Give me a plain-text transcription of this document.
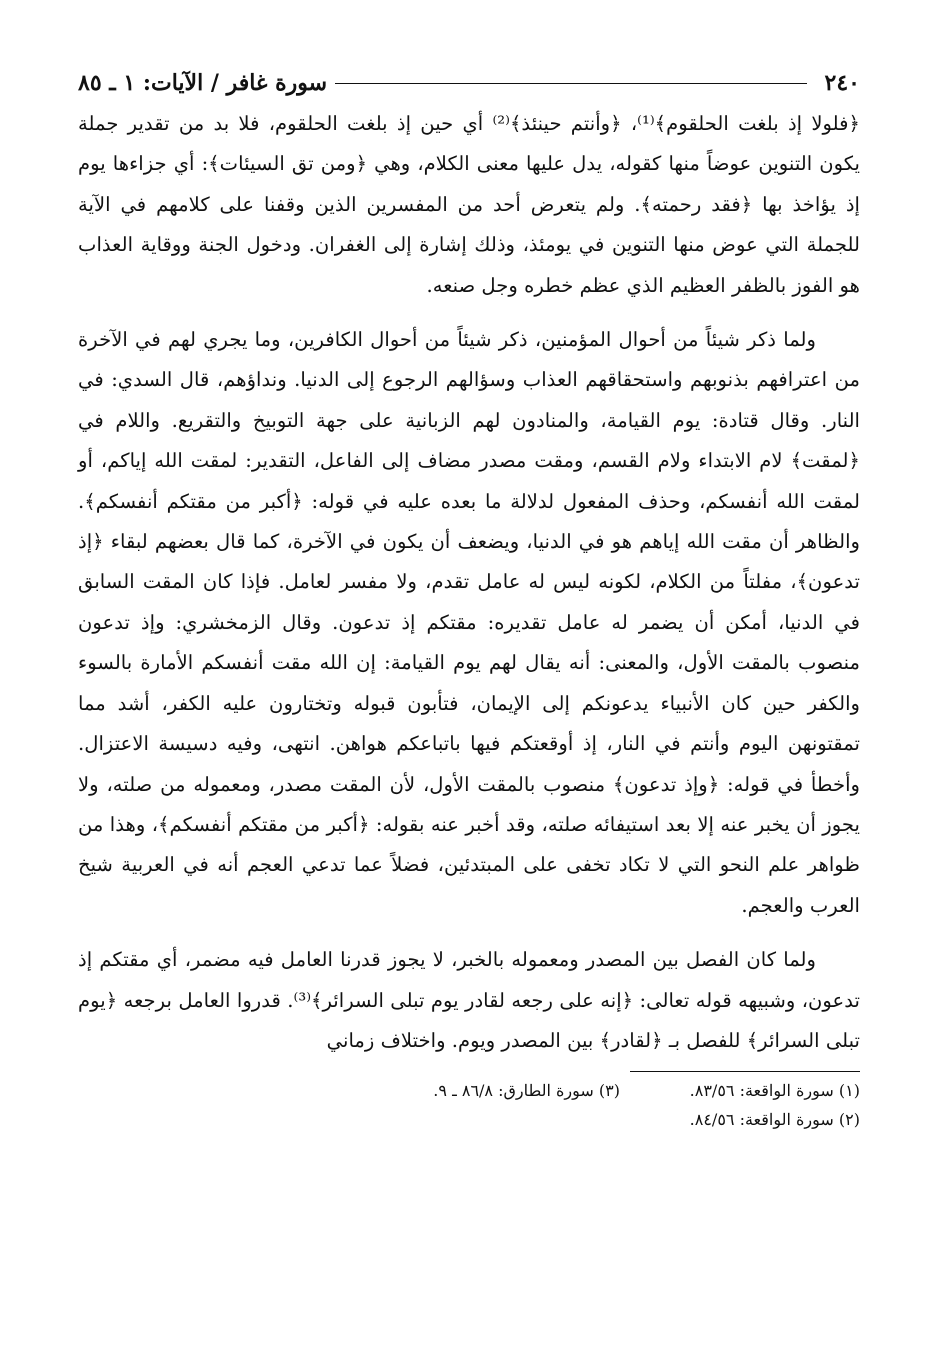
٢٤٠
سورة غافر / الآيات: ١ ـ ٨٥

﴿فلولا إذ بلغت الحلقوم﴾⁽¹⁾، ﴿وأنتم حينئذ﴾⁽²⁾ أي حين إذ بلغت الحلقوم، فلا بد من تقدير جملة يكون التنوين عوضاً منها كقوله، يدل عليها معنى الكلام، وهي ﴿ومن تق السيئات﴾: أي جزاءها يوم إذ يؤاخذ بها ﴿فقد رحمته﴾. ولم يتعرض أحد من المفسرين الذين وقفنا على كلامهم في الآية للجملة التي عوض منها التنوين في يومئذ، وذلك إشارة إلى الغفران. ودخول الجنة ووقاية العذاب هو الفوز بالظفر العظيم الذي عظم خطره وجل صنعه.

ولما ذكر شيئاً من أحوال المؤمنين، ذكر شيئاً من أحوال الكافرين، وما يجري لهم في الآخرة من اعترافهم بذنوبهم واستحقاقهم العذاب وسؤالهم الرجوع إلى الدنيا. ونداؤهم، قال السدي: في النار. وقال قتادة: يوم القيامة، والمنادون لهم الزبانية على جهة التوبيخ والتقريع. واللام في ﴿لمقت﴾ لام الابتداء ولام القسم، ومقت مصدر مضاف إلى الفاعل، التقدير: لمقت الله إياكم، أو لمقت الله أنفسكم، وحذف المفعول لدلالة ما بعده عليه في قوله: ﴿أكبر من مقتكم أنفسكم﴾. والظاهر أن مقت الله إياهم هو في الدنيا، ويضعف أن يكون في الآخرة، كما قال بعضهم لبقاء ﴿إذ تدعون﴾، مفلتاً من الكلام، لكونه ليس له عامل تقدم، ولا مفسر لعامل. فإذا كان المقت السابق في الدنيا، أمكن أن يضمر له عامل تقديره: مقتكم إذ تدعون. وقال الزمخشري: وإذ تدعون منصوب بالمقت الأول، والمعنى: أنه يقال لهم يوم القيامة: إن الله مقت أنفسكم الأمارة بالسوء والكفر حين كان الأنبياء يدعونكم إلى الإيمان، فتأبون قبوله وتختارون عليه الكفر، أشد مما تمقتونهن اليوم وأنتم في النار، إذ أوقعتكم فيها باتباعكم هواهن. انتهى، وفيه دسيسة الاعتزال. وأخطأ في قوله: ﴿وإذ تدعون﴾ منصوب بالمقت الأول، لأن المقت مصدر، ومعموله من صلته، ولا يجوز أن يخبر عنه إلا بعد استيفائه صلته، وقد أخبر عنه بقوله: ﴿أكبر من مقتكم أنفسكم﴾، وهذا من ظواهر علم النحو التي لا تكاد تخفى على المبتدئين، فضلاً عما تدعي العجم أنه في العربية شيخ العرب والعجم.

ولما كان الفصل بين المصدر ومعموله بالخبر، لا يجوز قدرنا العامل فيه مضمر، أي مقتكم إذ تدعون، وشبيهه قوله تعالى: ﴿إنه على رجعه لقادر يوم تبلى السرائر﴾⁽³⁾. قدروا العامل برجعه ﴿يوم تبلى السرائر﴾ للفصل بـ ﴿لقادر﴾ بين المصدر ويوم. واختلاف زماني

(١) سورة الواقعة: ٨٣/٥٦.
(٣) سورة الطارق: ٨٦/٨ ـ ٩.
(٢) سورة الواقعة: ٨٤/٥٦.
